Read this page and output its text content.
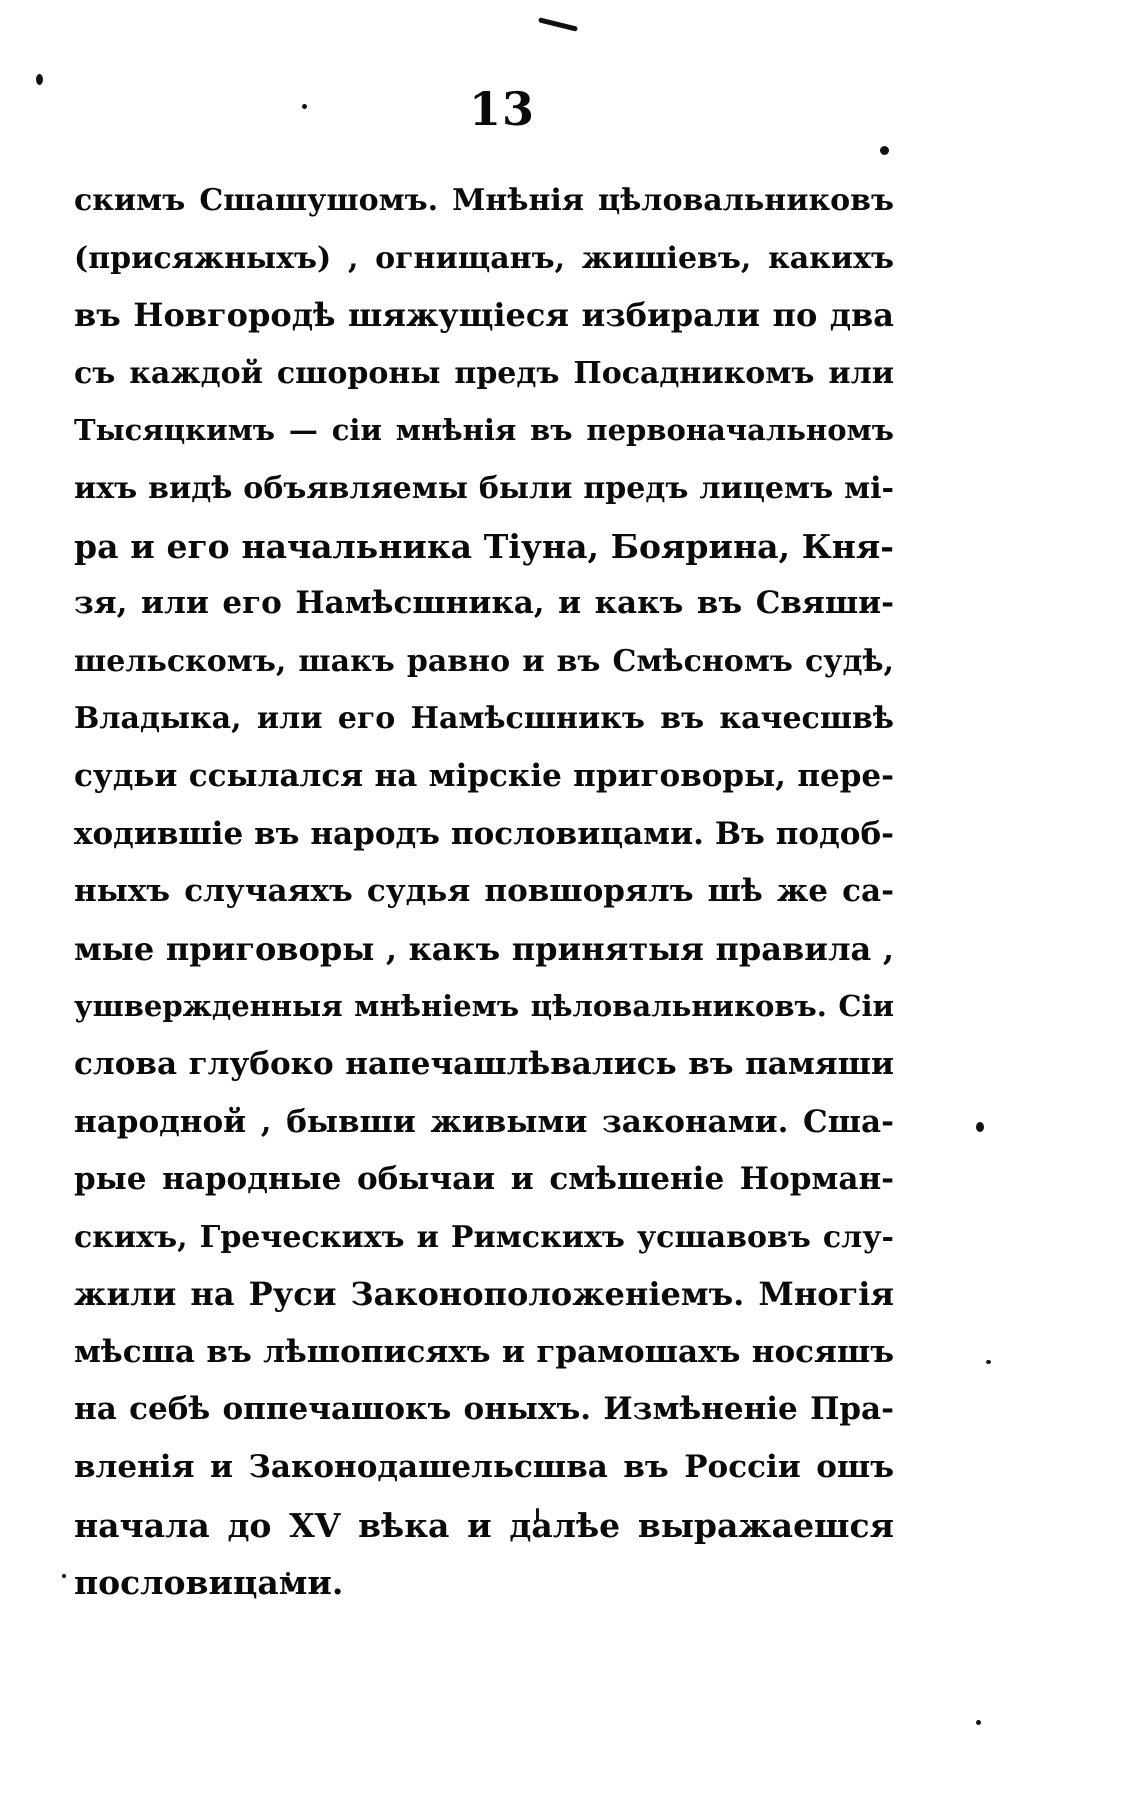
13
скимъ Сшашушомъ. Мнѣнія цѣловальниковъ
(присяжныхъ) , огнищанъ, жишіевъ, какихъ
въ Новгородѣ шяжущіеся избирали по два
съ каждой сшороны предъ Посадникомъ или
Тысяцкимъ — сіи мнѣнія въ первоначальномъ
ихъ видѣ объявляемы были предъ лицемъ мі-
ра и его начальника Тіуна, Боярина, Кня-
зя, или его Намѣсшника, и какъ въ Свяши-
шельскомъ, шакъ равно и въ Смѣсномъ судѣ,
Владыка, или его Намѣсшникъ въ качесшвѣ
судьи ссылался на мірскіе приговоры, пере-
ходившіе въ народъ пословицами. Въ подоб-
ныхъ случаяхъ судья повшорялъ шѣ же са-
мые приговоры , какъ принятыя правила ,
ушвержденныя мнѣніемъ цѣловальниковъ. Сіи
слова глубоко напечашлѣвались въ памяши
народной , бывши живыми законами. Сша-
рые народные обычаи и смѣшеніе Норман-
скихъ, Греческихъ и Римскихъ усшавовъ слу-
жили на Руси Законоположеніемъ. Многія
мѣсша въ лѣшописяхъ и грамошахъ носяшъ
на себѣ оппечашокъ оныхъ. Измѣненіе Пра-
вленія и Законодашельсшва въ Россіи ошъ
начала до XV вѣка и далѣе выражаешся
пословицами.
